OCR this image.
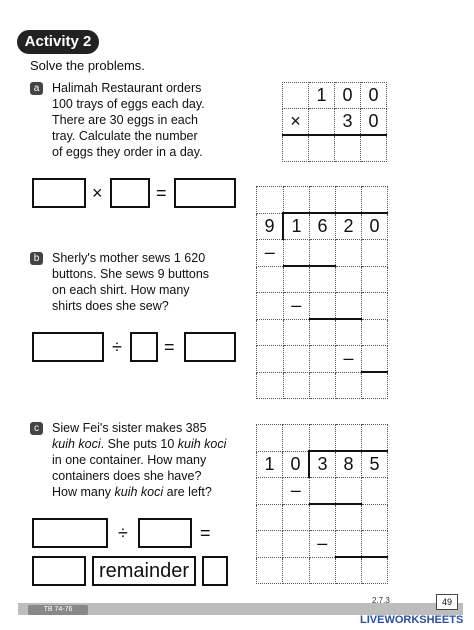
Activity 2
Solve the problems.
a Halimah Restaurant orders
100 trays of eggs each day.
There are 30 eggs in each
tray. Calculate the number
of eggs they order in a day.
×	=
	1	0	0
×		3	0

b Sherly's mother sews 1 620
buttons. She sews 9 buttons
on each shirt. How many
shirts does she sew?
÷ =

9	1	6	2	0
–				

	–			

			–	

c	Siew Fei's sister makes 385
kuih koci. She puts 10 kuih koci
in one container. How many
containers does she have?
How many kuih koci are left?
÷	=
remainder

1	0	3	8	5
	–			

		–		

TB 74-76
2.7.3	49
LIVEWORKSHEETS
